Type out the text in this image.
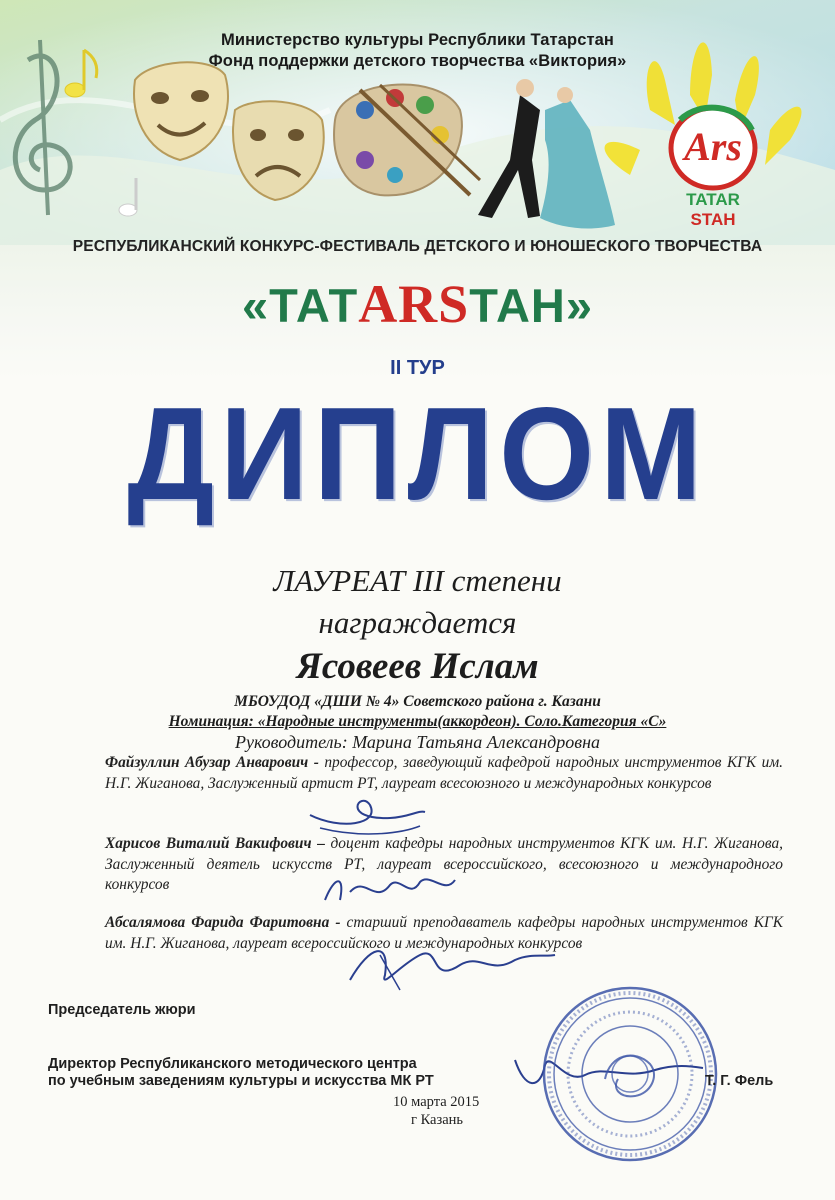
Ars
TATAR
STAH
Министерство культуры Республики Татарстан
Фонд поддержки детского творчества «Виктория»
РЕСПУБЛИКАНСКИЙ КОНКУРС-ФЕСТИВАЛЬ ДЕТСКОГО И ЮНОШЕСКОГО ТВОРЧЕСТВА
«ТАТARSТАН»
II ТУР
ДИПЛОМ
ЛАУРЕАТ III степени
награждается
Ясовеев Ислам
МБОУДОД «ДШИ № 4» Советского района г. Казани
Номинация: «Народные инструменты(аккордеон). Соло.Категория «С»
Руководитель: Марина Татьяна Александровна
Файзуллин Абузар Анварович - профессор, заведующий кафедрой народных инструментов КГК им. Н.Г. Жиганова, Заслуженный артист РТ, лауреат всесоюзного и международных конкурсов
Харисов Виталий Вакифович – доцент кафедры народных инструментов КГК им. Н.Г. Жиганова, Заслуженный деятель искусств РТ, лауреат всероссийского, всесоюзного и международного конкурсов
Абсалямова Фарида Фаритовна - старший преподаватель кафедры народных инструментов КГК им. Н.Г. Жиганова, лауреат всероссийского и международных конкурсов
Председатель жюри
Директор Республиканского методического центра
по учебным заведениям культуры и искусства МК РТ	Т. Г. Фель
10 марта 2015
г Казань
